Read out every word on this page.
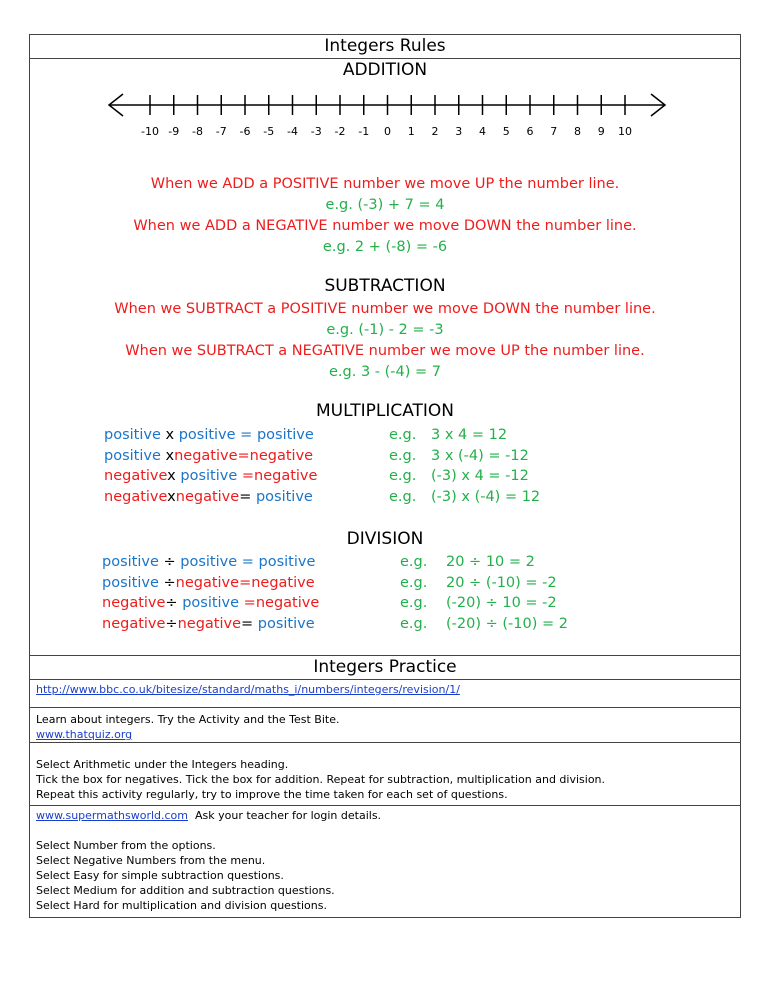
Integers Rules
ADDITION
-10 -9 -8 -7 -6 -5 -4 -3 -2 -1 0 1 2 3 4 5 6 7 8 9 10
When we ADD a POSITIVE number we move UP the number line.
e.g. (-3) + 7 = 4
When we ADD a NEGATIVE number we move DOWN the number line.
e.g. 2 + (-8) = -6
SUBTRACTION
When we SUBTRACT a POSITIVE number we move DOWN the number line.
e.g. (-1) - 2 = -3
When we SUBTRACT a NEGATIVE number we move UP the number line.
e.g. 3 - (-4) = 7
MULTIPLICATION
positive x positive = positive
positive xnegative=negative
negativex positive =negative
negativexnegative= positive
e.g. 3 x 4 = 12
e.g. 3 x (-4) = -12
e.g. (-3) x 4 = -12
e.g. (-3) x (-4) = 12
DIVISION
positive ÷ positive = positive
positive ÷negative=negative
negative÷ positive =negative
negative÷negative= positive
e.g. 20 ÷ 10 = 2
e.g. 20 ÷ (-10) = -2
e.g. (-20) ÷ 10 = -2
e.g. (-20) ÷ (-10) = 2
Integers Practice
http://www.bbc.co.uk/bitesize/standard/maths_i/numbers/integers/revision/1/
Learn about integers. Try the Activity and the Test Bite.
www.thatquiz.org
Select Arithmetic under the Integers heading.
Tick the box for negatives. Tick the box for addition. Repeat for subtraction, multiplication and division.
Repeat this activity regularly, try to improve the time taken for each set of questions.
www.supermathsworld.com  Ask your teacher for login details.
Select Number from the options.
Select Negative Numbers from the menu.
Select Easy for simple subtraction questions.
Select Medium for addition and subtraction questions.
Select Hard for multiplication and division questions.
